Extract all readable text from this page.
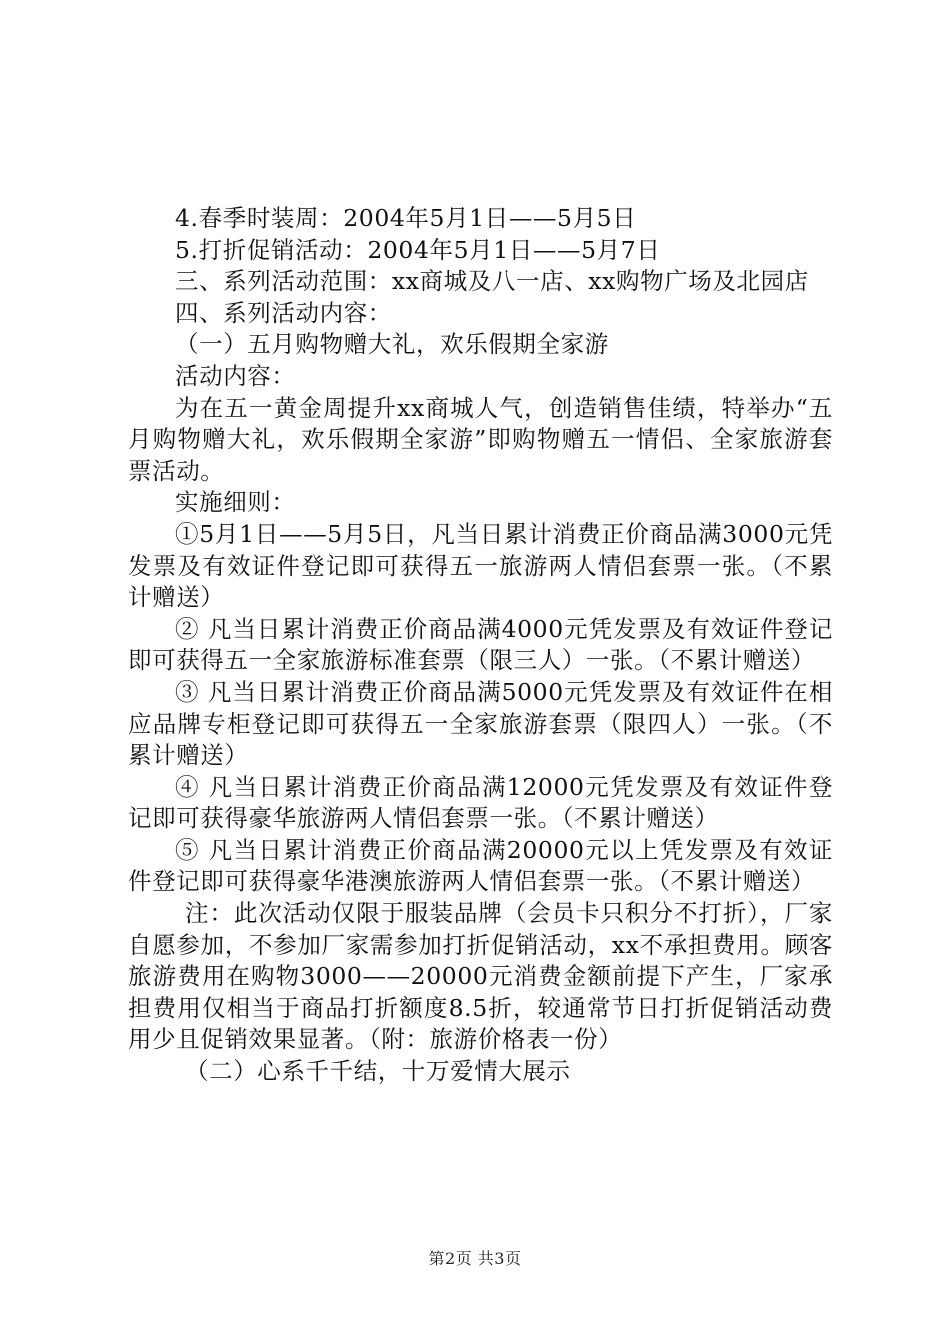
4.春季时装周：2004年5月1日——5月5日

5.打折促销活动：2004年5月1日——5月7日

三、系列活动范围：xx商城及八一店、xx购物广场及北园店

四、系列活动内容：

（一）五月购物赠大礼，欢乐假期全家游

活动内容：

为在五一黄金周提升xx商城人气，创造销售佳绩，特举办“五月购物赠大礼，欢乐假期全家游”即购物赠五一情侣、全家旅游套票活动。

实施细则：

①5月1日——5月5日，凡当日累计消费正价商品满3000元凭发票及有效证件登记即可获得五一旅游两人情侣套票一张。（不累计赠送）

② 凡当日累计消费正价商品满4000元凭发票及有效证件登记即可获得五一全家旅游标准套票（限三人）一张。（不累计赠送）

③ 凡当日累计消费正价商品满5000元凭发票及有效证件在相应品牌专柜登记即可获得五一全家旅游套票（限四人）一张。（不累计赠送）

④ 凡当日累计消费正价商品满12000元凭发票及有效证件登记即可获得豪华旅游两人情侣套票一张。（不累计赠送）

⑤ 凡当日累计消费正价商品满20000元以上凭发票及有效证件登记即可获得豪华港澳旅游两人情侣套票一张。（不累计赠送）

注：此次活动仅限于服装品牌（会员卡只积分不打折），厂家自愿参加，不参加厂家需参加打折促销活动，xx不承担费用。顾客旅游费用在购物3000——20000元消费金额前提下产生，厂家承担费用仅相当于商品打折额度8.5折，较通常节日打折促销活动费用少且促销效果显著。（附：旅游价格表一份）

（二）心系千千结，十万爱情大展示

第2页 共3页
